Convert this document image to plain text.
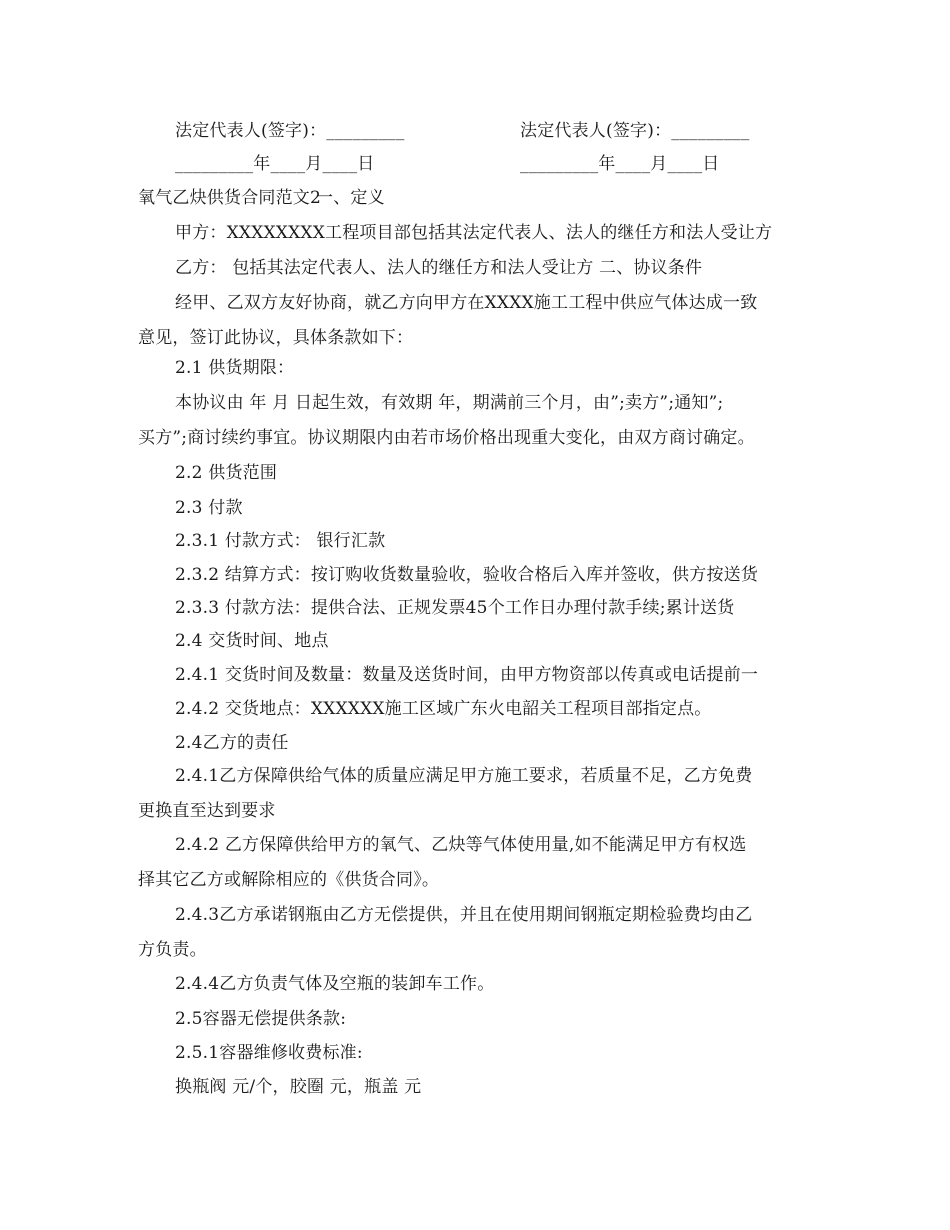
法定代表人(签字)：_________	法定代表人(签字)：_________
_________年____月____日	_________年____月____日
氧气乙炔供货合同范文2
一、定义
甲方：XXXXXXXX工程项目部包括其法定代表人、法人的继任方和法人受让方
乙方： 包括其法定代表人、法人的继任方和法人受让方 二、协议条件
经甲、乙双方友好协商，就乙方向甲方在XXXX施工工程中供应气体达成一致
意见，签订此协议，具体条款如下：
2.1 供货期限：
本协议由 年 月 日起生效，有效期 年，期满前三个月，由”;卖方”;通知”;
买方”;商讨续约事宜。协议期限内由若市场价格出现重大变化，由双方商讨确定。
2.2 供货范围
2.3 付款
2.3.1 付款方式： 银行汇款
2.3.2 结算方式：按订购收货数量验收，验收合格后入库并签收，供方按送货
2.3.3 付款方法：提供合法、正规发票45个工作日办理付款手续;累计送货
2.4 交货时间、地点
2.4.1 交货时间及数量：数量及送货时间，由甲方物资部以传真或电话提前一
2.4.2 交货地点：XXXXXX施工区域广东火电韶关工程项目部指定点。
2.4乙方的责任
2.4.1乙方保障供给气体的质量应满足甲方施工要求，若质量不足，乙方免费
更换直至达到要求
2.4.2 乙方保障供给甲方的氧气、乙炔等气体使用量,如不能满足甲方有权选
择其它乙方或解除相应的《供货合同》。
2.4.3乙方承诺钢瓶由乙方无偿提供，并且在使用期间钢瓶定期检验费均由乙
方负责。
2.4.4乙方负责气体及空瓶的装卸车工作。
2.5容器无偿提供条款:
2.5.1容器维修收费标准:
换瓶阀 元/个，胶圈 元，瓶盖 元
